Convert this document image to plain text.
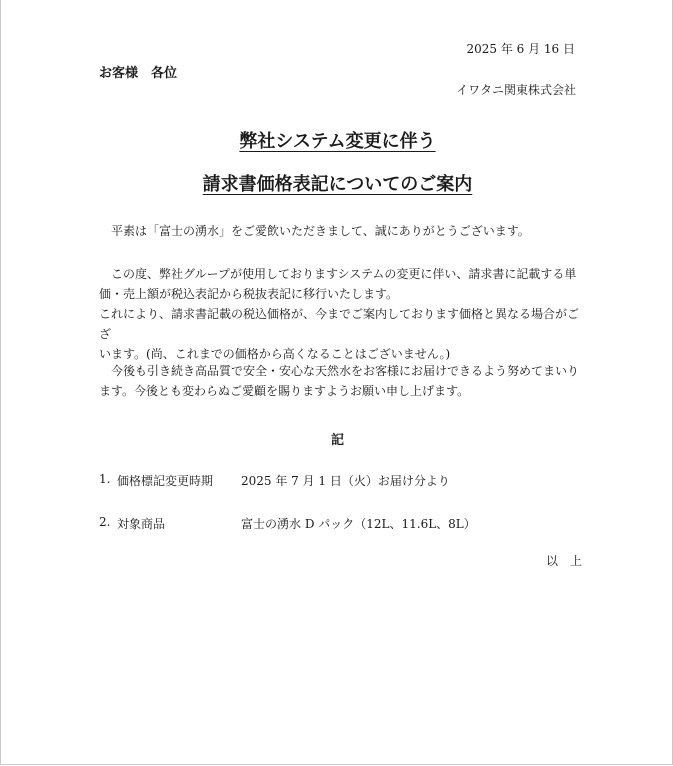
2025 年 6 月 16 日
お客様　各位
イワタニ関東株式会社
弊社システム変更に伴う
請求書価格表記についてのご案内
平素は「富士の湧水」をご愛飲いただきまして、誠にありがとうございます。
この度、弊社グループが使用しておりますシステムの変更に伴い、請求書に記載する単
価・売上額が税込表記から税抜表記に移行いたします。
これにより、請求書記載の税込価格が、今までご案内しております価格と異なる場合がござ
います。(尚、これまでの価格から高くなることはございません。)
今後も引き続き高品質で安全・安心な天然水をお客様にお届けできるよう努めてまいり
ます。今後とも変わらぬご愛顧を賜りますようお願い申し上げます。
記
1. 価格標記変更時期 2025 年 7 月 1 日（火）お届け分より
2. 対象商品	富士の湧水 D パック（12L、11.6L、8L）
以　上
